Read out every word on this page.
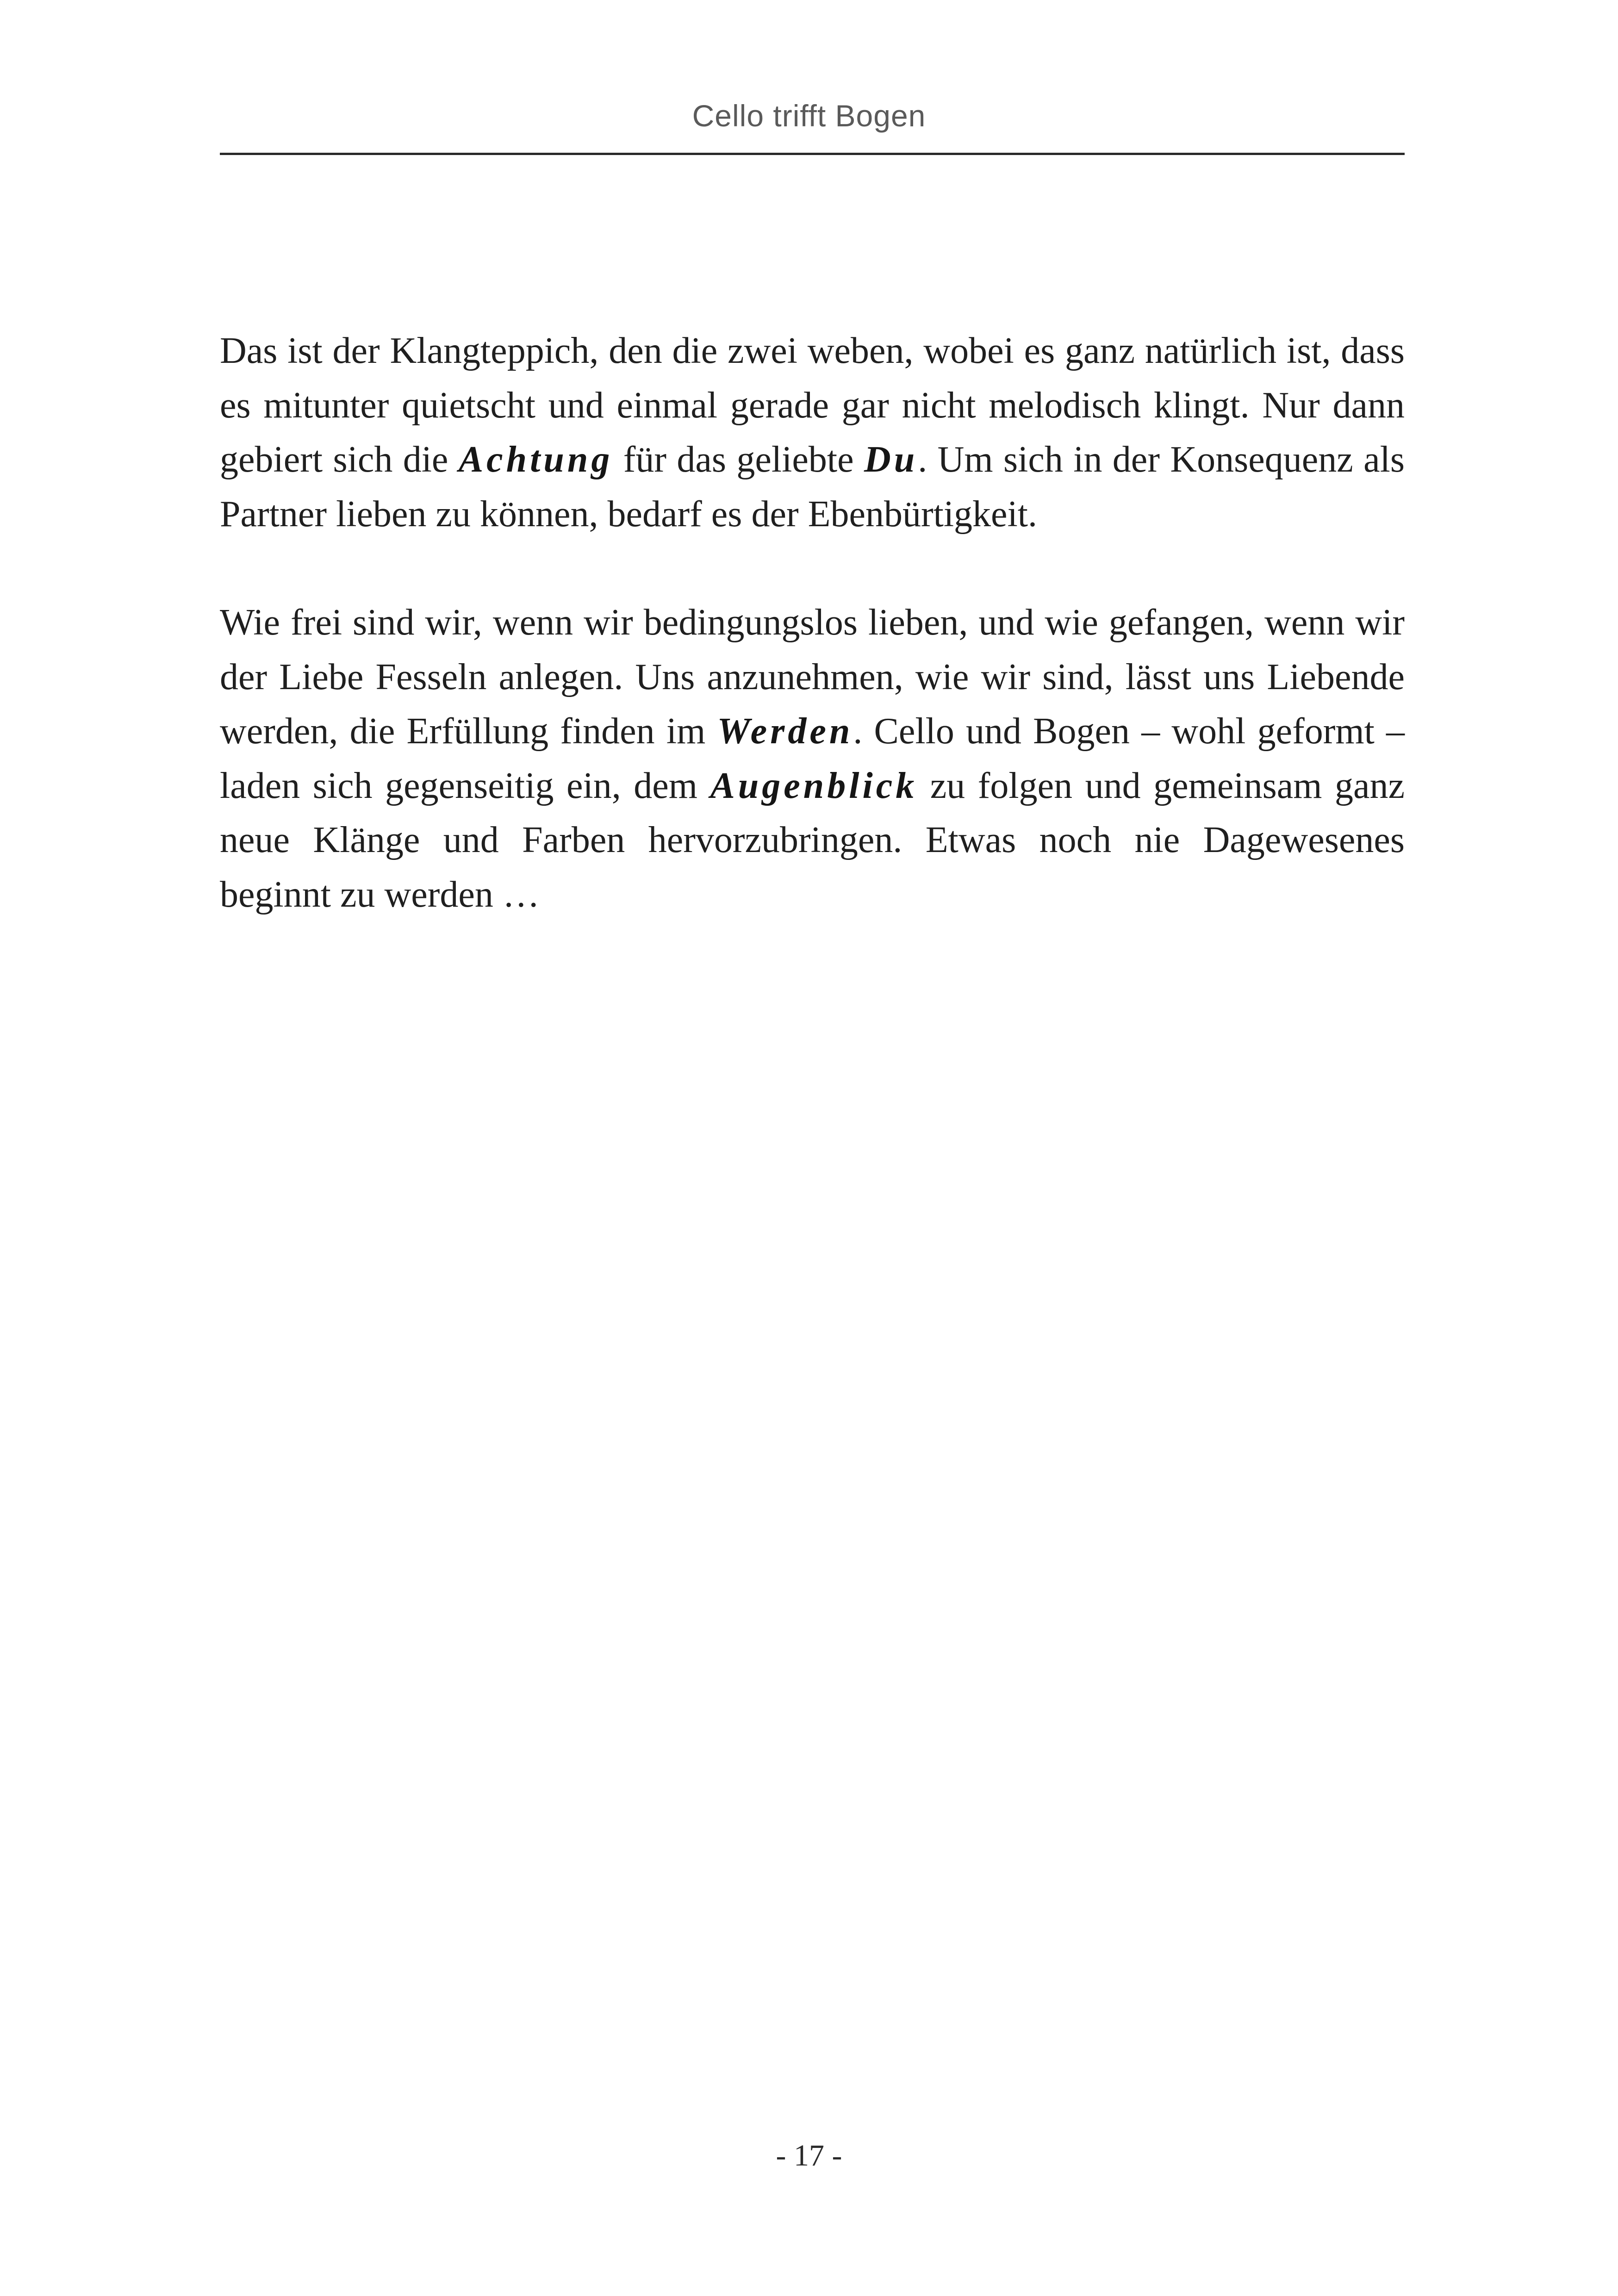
Cello trifft Bogen

Das ist der Klangteppich, den die zwei weben, wobei es ganz natürlich ist, dass es mitunter quietscht und einmal gerade gar nicht melodisch klingt. Nur dann gebiert sich die Achtung für das geliebte Du. Um sich in der Konsequenz als Partner lieben zu können, bedarf es der Ebenbürtigkeit.

Wie frei sind wir, wenn wir bedingungslos lieben, und wie gefangen, wenn wir der Liebe Fesseln anlegen. Uns anzunehmen, wie wir sind, lässt uns Liebende werden, die Erfüllung finden im Werden. Cello und Bogen – wohl geformt – laden sich gegenseitig ein, dem Augenblick zu folgen und gemeinsam ganz neue Klänge und Farben hervorzubringen. Etwas noch nie Dagewesenes beginnt zu werden …

- 17 -
